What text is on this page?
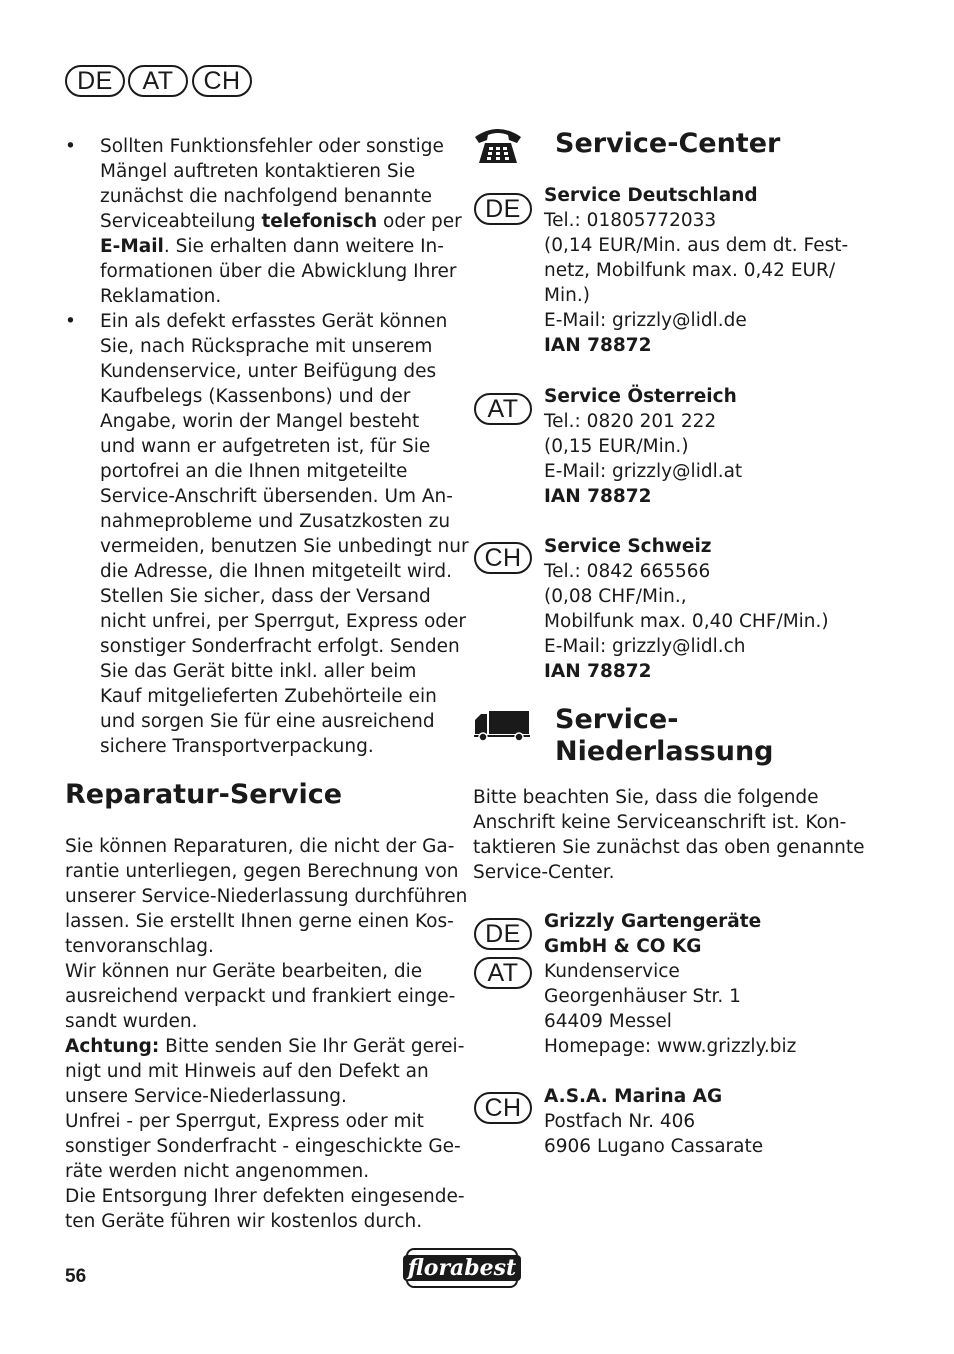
DE	AT	CH
• Sollten Funktionsfehler oder sonstige
Mängel auftreten kontaktieren Sie
zunächst die nachfolgend benannte
Serviceabteilung telefonisch oder per
E-Mail. Sie erhalten dann weitere In-
formationen über die Abwicklung Ihrer
Reklamation.
• Ein als defekt erfasstes Gerät können
Sie, nach Rücksprache mit unserem
Kundenservice, unter Beifügung des
Kaufbelegs (Kassenbons) und der
Angabe, worin der Mangel besteht
und wann er aufgetreten ist, für Sie
portofrei an die Ihnen mitgeteilte
Service-Anschrift übersenden. Um An-
nahmeprobleme und Zusatzkosten zu
vermeiden, benutzen Sie unbedingt nur
die Adresse, die Ihnen mitgeteilt wird.
Stellen Sie sicher, dass der Versand
nicht unfrei, per Sperrgut, Express oder
sonstiger Sonderfracht erfolgt. Senden
Sie das Gerät bitte inkl. aller beim
Kauf mitgelieferten Zubehörteile ein
und sorgen Sie für eine ausreichend
sichere Transportverpackung.
Reparatur-Service
Sie können Reparaturen, die nicht der Ga-
rantie unterliegen, gegen Berechnung von
unserer Service-Niederlassung durchführen
lassen. Sie erstellt Ihnen gerne einen Kos-
tenvoranschlag.
Wir können nur Geräte bearbeiten, die
ausreichend verpackt und frankiert einge-
sandt wurden.
Achtung: Bitte senden Sie Ihr Gerät gerei-
nigt und mit Hinweis auf den Defekt an
unsere Service-Niederlassung.
Unfrei - per Sperrgut, Express oder mit
sonstiger Sonderfracht - eingeschickte Ge-
räte werden nicht angenommen.
Die Entsorgung Ihrer defekten eingesende-
ten Geräte führen wir kostenlos durch.
Service-Center
DE	Service Deutschland
Tel.: 01805772033
(0,14 EUR/Min. aus dem dt. Fest-
netz, Mobilfunk max. 0,42 EUR/
Min.)
E-Mail: grizzly@lidl.de
IAN 78872
AT	Service Österreich
Tel.: 0820 201 222
(0,15 EUR/Min.)
E-Mail: grizzly@lidl.at
IAN 78872
CH	Service Schweiz
Tel.: 0842 665566
(0,08 CHF/Min.,
Mobilfunk max. 0,40 CHF/Min.)
E-Mail: grizzly@lidl.ch
IAN 78872
Service-
Niederlassung
Bitte beachten Sie, dass die folgende
Anschrift keine Serviceanschrift ist. Kon-
taktieren Sie zunächst das oben genannte
Service-Center.
DE
AT
Grizzly Gartengeräte
GmbH & CO KG
Kundenservice
Georgenhäuser Str. 1
64409 Messel
Homepage: www.grizzly.biz
CH	A.S.A. Marina AG
Postfach Nr. 406
6906 Lugano Cassarate
56	florabest
